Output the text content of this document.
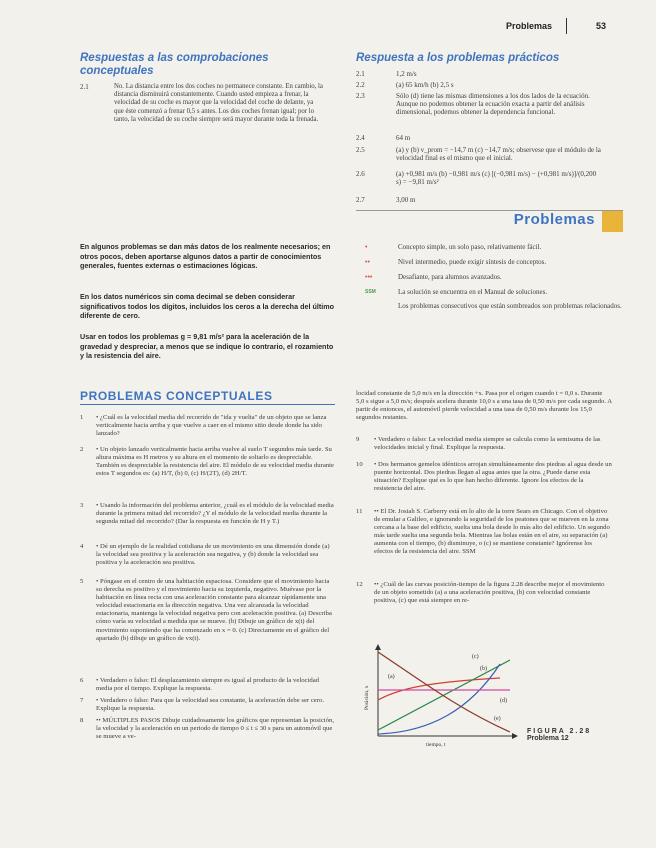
Problemas	53
Respuestas a las comprobaciones
conceptuales
2.1	No. La distancia entre los dos coches no permanece constante. En cambio, la distancia disminuirá constantemente. Cuando usted empieza a frenar, la velocidad de su coche es mayor que la velocidad del coche de delante, ya que éste comenzó a frenar 0,5 s antes. Los dos coches frenan igual; por lo tanto, la velocidad de su coche siempre será mayor durante toda la frenada.
Respuesta a los problemas prácticos
2.1	1,2 m/s
2.2	(a) 65 km/h (b) 2,5 s
2.3	Sólo (d) tiene las mismas dimensiones a los dos lados de la ecuación. Aunque no podemos obtener la ecuación exacta a partir del análisis dimensional, podemos obtener la dependencia funcional.
2.4	64 m
2.5	(a) y (b) v_prom = −14,7 m (c) −14,7 m/s; observese que el módulo de la velocidad final es el mismo que el inicial.
2.6	(a) +0,981 m/s (b) −0,981 m/s (c) [(−0,981 m/s) − (+0,981 m/s)]/(0,200 s) = −9,81 m/s²
2.7	3,00 m
Problemas
En algunos problemas se dan más datos de los realmente necesarios; en otros pocos, deben aportarse algunos datos a partir de conocimientos generales, fuentes externas o estimaciones lógicas.
En los datos numéricos sin coma decimal se deben considerar significativos todos los dígitos, incluidos los ceros a la derecha del último diferente de cero.
Usar en todos los problemas g = 9,81 m/s² para la aceleración de la gravedad y despreciar, a menos que se indique lo contrario, el rozamiento y la resistencia del aire.
•	Concepto simple, un solo paso, relativamente fácil.
••	Nivel intermedio, puede exigir síntesis de conceptos.
•••	Desafiante, para alumnos avanzados.
SSM	La solución se encuentra en el Manual de soluciones.
Los problemas consecutivos que están sombreados son problemas relacionados.
PROBLEMAS CONCEPTUALES
1	• ¿Cuál es la velocidad media del recorrido de "ida y vuelta" de un objeto que se lanza verticalmente hacia arriba y que vuelve a caer en el mismo sitio desde donde ha sido lanzado?
2	• Un objeto lanzado verticalmente hacia arriba vuelve al suelo T segundos más tarde. Su altura máxima es H metros y su altura en el momento de soltarlo es despreciable. También es despreciable la resistencia del aire. El módulo de su velocidad media durante estos T segundos es: (a) H/T, (b) 0, (c) H/(2T), (d) 2H/T.
3	• Usando la información del problema anterior, ¿cuál es el módulo de la velocidad media durante la primera mitad del recorrido? ¿Y el módulo de la velocidad media durante la segunda mitad del recorrido? (Dar la respuesta en función de H y T.)
4	• Dé un ejemplo de la realidad cotidiana de un movimiento en una dimensión donde (a) la velocidad sea positiva y la aceleración sea negativa, y (b) donde la velocidad sea positiva y la aceleración sea positiva.
5	• Póngase en el centro de una habitación espaciosa. Considere que el movimiento hacia su derecha es positivo y el movimiento hacia su izquierda, negativo. Muévase por la habitación en línea recta con una aceleración constante para alcanzar rápidamente una velocidad estacionaria en la dirección negativa. Una vez alcanzada la velocidad estacionaria, mantenga la velocidad negativa pero con aceleración positiva. (a) Describa cómo varía su velocidad a medida que se mueve. (b) Dibuje un gráfico de x(t) del movimiento suponiendo que ha comenzado en x = 0. (c) Directamente en el gráfico del apartado (b) dibuje un gráfico de vx(t).
6	• Verdadero o falso: El desplazamiento siempre es igual al producto de la velocidad media por el tiempo. Explique la respuesta.
7	• Verdadero o falso: Para que la velocidad sea constante, la aceleración debe ser cero. Explique la respuesta.
8	•• MÚLTIPLES PASOS Dibuje cuidadosamente los gráficos que representan la posición, la velocidad y la aceleración en un periodo de tiempo 0 ≤ t ≤ 30 s para un automóvil que se mueve a ve-
locidad constante de 5,0 m/s en la dirección +x. Pasa por el origen cuando t = 0,0 s. Durante 5,0 s sigue a 5,0 m/s; después acelera durante 10,0 s a una tasa de 0,50 m/s por cada segundo. A partir de entonces, el automóvil pierde velocidad a una tasa de 0,50 m/s durante los 15,0 segundos restantes.
9	• Verdadero o falso: La velocidad media siempre se calcula como la semisuma de las velocidades inicial y final. Explique la respuesta.
10	• Dos hermanos gemelos idénticos arrojan simultáneamente dos piedras al agua desde un puente horizontal. Dos piedras llegan al agua antes que la otra. ¿Puede darse esta situación? Explique qué es lo que han hecho diferente. Ignore los efectos de la resistencia del aire.
11	•• El Dr. Josiah S. Carberry está en lo alto de la torre Sears en Chicago. Con el objetivo de emular a Galileo, e ignorando la seguridad de los peatones que se mueven en la zona cercana a la base del edificio, suelta una bola desde lo más alto del edificio. Un segundo más tarde suelta una segunda bola. Mientras las bolas están en el aire, su separación (a) aumenta con el tiempo, (b) disminuye, o (c) se mantiene constante? Ignórense los efectos de la resistencia del aire. SSM
12	•• ¿Cuál de las curvas posición-tiempo de la figura 2.28 describe mejor el movimiento de un objeto sometido (a) a una aceleración positiva, (b) con velocidad constante positiva, (c) que está siempre en re-
(a)
(b)
(c)
(d)
(e)
Posición, x
tiempo, t
FIGURA 2.28
Problema 12
